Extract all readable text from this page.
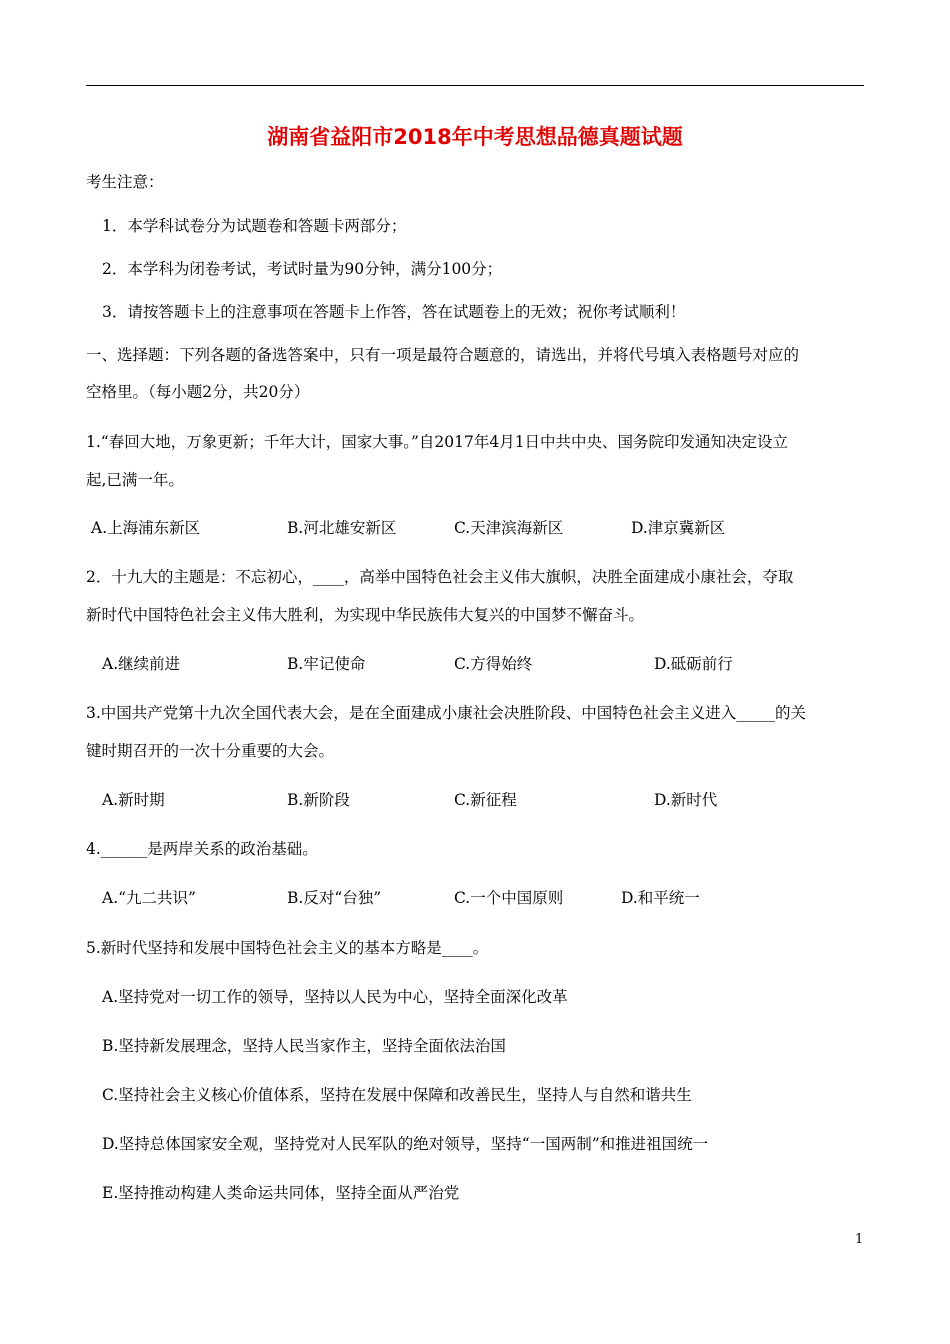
湖南省益阳市2018年中考思想品德真题试题
考生注意：
1．本学科试卷分为试题卷和答题卡两部分；
2．本学科为闭卷考试，考试时量为90分钟，满分100分；
3．请按答题卡上的注意事项在答题卡上作答，答在试题卷上的无效；祝你考试顺利！
一、选择题：下列各题的备选答案中，只有一项是最符合题意的，请选出，并将代号填入表格题号对应的
空格里。（每小题2分，共20分）
1.“春回大地，万象更新；千年大计，国家大事。”自2017年4月1日中共中央、国务院印发通知决定设立
起,已满一年。
A.上海浦东新区	B.河北雄安新区	C.天津滨海新区	D.津京冀新区
2．十九大的主题是：不忘初心，____，高举中国特色社会主义伟大旗帜，决胜全面建成小康社会，夺取
新时代中国特色社会主义伟大胜利，为实现中华民族伟大复兴的中国梦不懈奋斗。
A.继续前进	B.牢记使命	C.方得始终	D.砥砺前行
3.中国共产党第十九次全国代表大会，是在全面建成小康社会决胜阶段、中国特色社会主义进入_____的关
键时期召开的一次十分重要的大会。
A.新时期	B.新阶段	C.新征程	D.新时代
4.______是两岸关系的政治基础。
A.“九二共识”	B.反对“台独”	C.一个中国原则	D.和平统一
5.新时代坚持和发展中国特色社会主义的基本方略是____。
A.坚持党对一切工作的领导，坚持以人民为中心，坚持全面深化改革
B.坚持新发展理念，坚持人民当家作主，坚持全面依法治国
C.坚持社会主义核心价值体系，坚持在发展中保障和改善民生，坚持人与自然和谐共生
D.坚持总体国家安全观，坚持党对人民军队的绝对领导，坚持“一国两制”和推进祖国统一
E.坚持推动构建人类命运共同体，坚持全面从严治党
1
